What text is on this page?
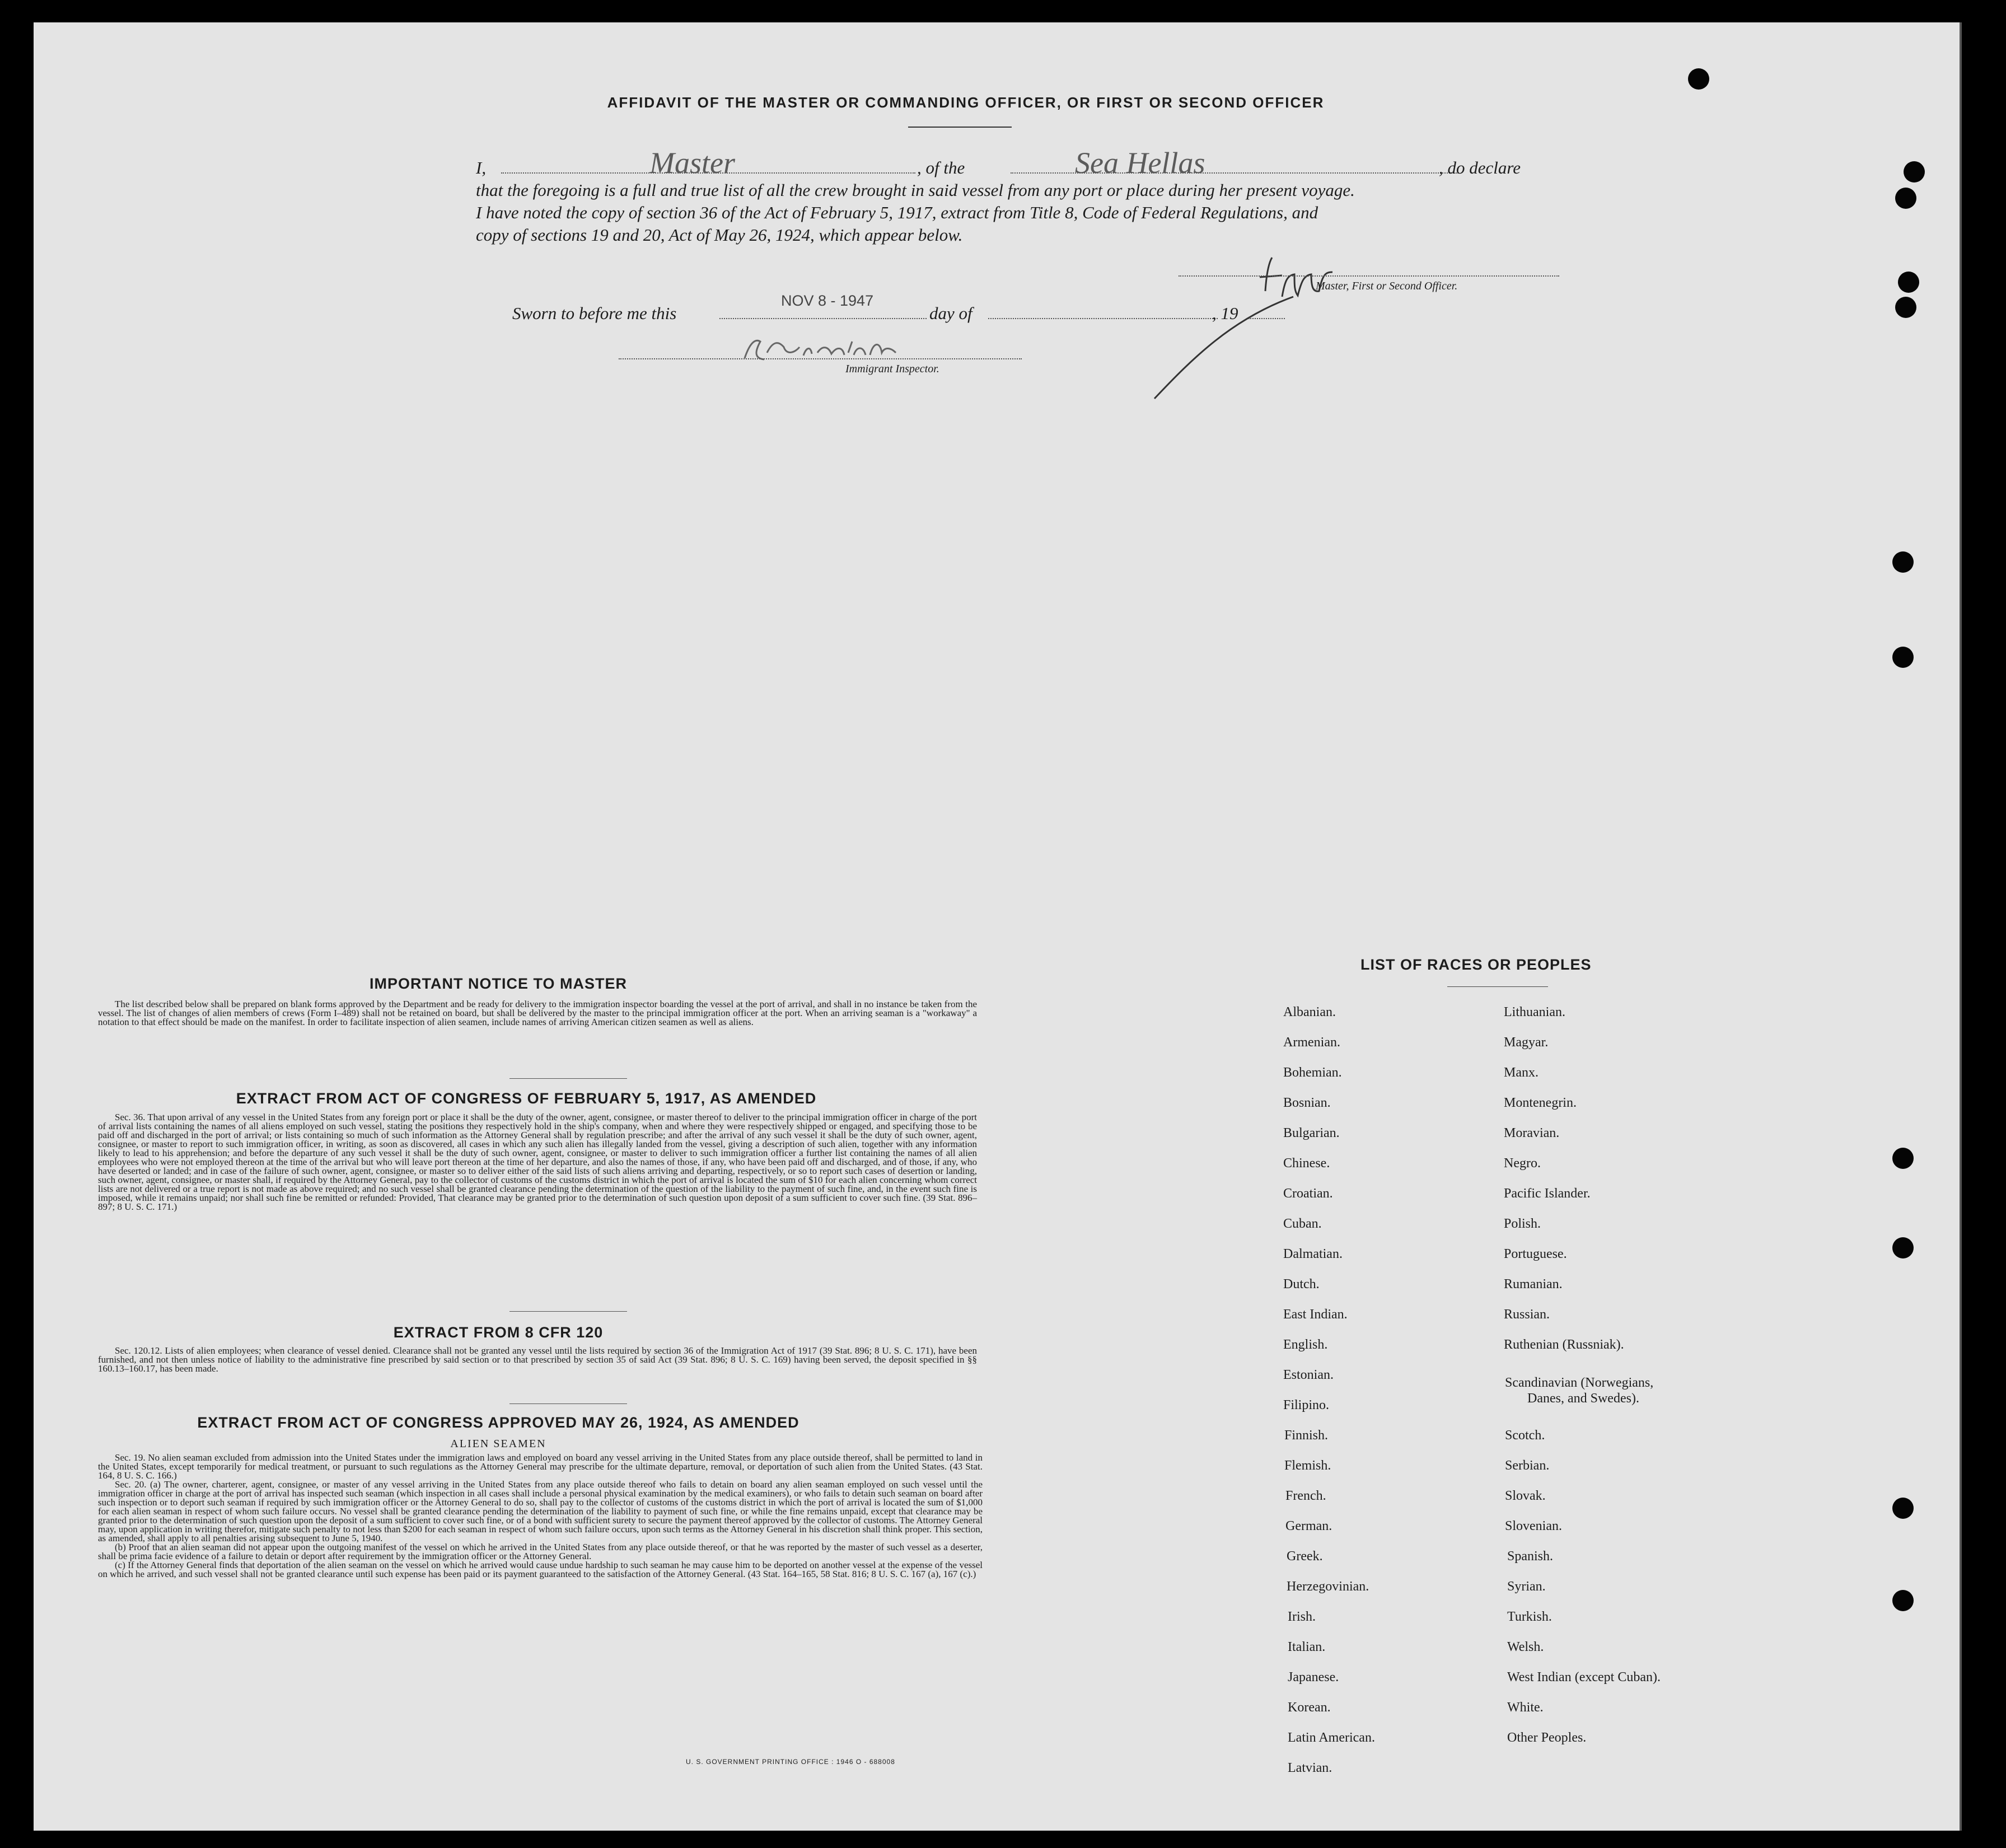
AFFIDAVIT OF THE MASTER OR COMMANDING OFFICER, OR FIRST OR SECOND OFFICER
I,	Master	, of the	Sea Hellas	, do declare
that the foregoing is a full and true list of all the crew brought in said vessel from any port or place during her present voyage.
I have noted the copy of section 36 of the Act of February 5, 1917, extract from Title 8, Code of Federal Regulations, and
copy of sections 19 and 20, Act of May 26, 1924, which appear below.
Master, First or Second Officer.
Sworn to before me this
NOV 8 - 1947
day of	, 19
Immigrant Inspector.
IMPORTANT NOTICE TO MASTER

The list described below shall be prepared on blank forms approved by the Department and be ready for delivery to the immigration inspector boarding the vessel at the port of arrival, and shall in no instance be taken from the vessel. The list of changes of alien members of crews (Form I–489) shall not be retained on board, but shall be delivered by the master to the principal immigration officer at the port. When an arriving seaman is a "workaway" a notation to that effect should be made on the manifest. In order to facilitate inspection of alien seamen, include names of arriving American citizen seamen as well as aliens.

EXTRACT FROM ACT OF CONGRESS OF FEBRUARY 5, 1917, AS AMENDED

Sec. 36. That upon arrival of any vessel in the United States from any foreign port or place it shall be the duty of the owner, agent, consignee, or master thereof to deliver to the principal immigration officer in charge of the port of arrival lists containing the names of all aliens employed on such vessel, stating the positions they respectively hold in the ship's company, when and where they were respectively shipped or engaged, and specifying those to be paid off and discharged in the port of arrival; or lists containing so much of such information as the Attorney General shall by regulation prescribe; and after the arrival of any such vessel it shall be the duty of such owner, agent, consignee, or master to report to such immigration officer, in writing, as soon as discovered, all cases in which any such alien has illegally landed from the vessel, giving a description of such alien, together with any information likely to lead to his apprehension; and before the departure of any such vessel it shall be the duty of such owner, agent, consignee, or master to deliver to such immigration officer a further list containing the names of all alien employees who were not employed thereon at the time of the arrival but who will leave port thereon at the time of her departure, and also the names of those, if any, who have been paid off and discharged, and of those, if any, who have deserted or landed; and in case of the failure of such owner, agent, consignee, or master so to deliver either of the said lists of such aliens arriving and departing, respectively, or so to report such cases of desertion or landing, such owner, agent, consignee, or master shall, if required by the Attorney General, pay to the collector of customs of the customs district in which the port of arrival is located the sum of $10 for each alien concerning whom correct lists are not delivered or a true report is not made as above required; and no such vessel shall be granted clearance pending the determination of the question of the liability to the payment of such fine, and, in the event such fine is imposed, while it remains unpaid; nor shall such fine be remitted or refunded: Provided, That clearance may be granted prior to the determination of such question upon deposit of a sum sufficient to cover such fine. (39 Stat. 896–897; 8 U. S. C. 171.)

EXTRACT FROM 8 CFR 120

Sec. 120.12. Lists of alien employees; when clearance of vessel denied. Clearance shall not be granted any vessel until the lists required by section 36 of the Immigration Act of 1917 (39 Stat. 896; 8 U. S. C. 171), have been furnished, and not then unless notice of liability to the administrative fine prescribed by said section or to that prescribed by section 35 of said Act (39 Stat. 896; 8 U. S. C. 169) having been served, the deposit specified in §§ 160.13–160.17, has been made.

EXTRACT FROM ACT OF CONGRESS APPROVED MAY 26, 1924, AS AMENDED
ALIEN SEAMEN

Sec. 19. No alien seaman excluded from admission into the United States under the immigration laws and employed on board any vessel arriving in the United States from any place outside thereof, shall be permitted to land in the United States, except temporarily for medical treatment, or pursuant to such regulations as the Attorney General may prescribe for the ultimate departure, removal, or deportation of such alien from the United States. (43 Stat. 164, 8 U. S. C. 166.)

Sec. 20. (a) The owner, charterer, agent, consignee, or master of any vessel arriving in the United States from any place outside thereof who fails to detain on board any alien seaman employed on such vessel until the immigration officer in charge at the port of arrival has inspected such seaman (which inspection in all cases shall include a personal physical examination by the medical examiners), or who fails to detain such seaman on board after such inspection or to deport such seaman if required by such immigration officer or the Attorney General to do so, shall pay to the collector of customs of the customs district in which the port of arrival is located the sum of $1,000 for each alien seaman in respect of whom such failure occurs. No vessel shall be granted clearance pending the determination of the liability to payment of such fine, or while the fine remains unpaid, except that clearance may be granted prior to the determination of such question upon the deposit of a sum sufficient to cover such fine, or of a bond with sufficient surety to secure the payment thereof approved by the collector of customs. The Attorney General may, upon application in writing therefor, mitigate such penalty to not less than $200 for each seaman in respect of whom such failure occurs, upon such terms as the Attorney General in his discretion shall think proper. This section, as amended, shall apply to all penalties arising subsequent to June 5, 1940.

(b) Proof that an alien seaman did not appear upon the outgoing manifest of the vessel on which he arrived in the United States from any place outside thereof, or that he was reported by the master of such vessel as a deserter, shall be prima facie evidence of a failure to detain or deport after requirement by the immigration officer or the Attorney General.

(c) If the Attorney General finds that deportation of the alien seaman on the vessel on which he arrived would cause undue hardship to such seaman he may cause him to be deported on another vessel at the expense of the vessel on which he arrived, and such vessel shall not be granted clearance until such expense has been paid or its payment guaranteed to the satisfaction of the Attorney General. (43 Stat. 164–165, 58 Stat. 816; 8 U. S. C. 167 (a), 167 (c).)

U. S. GOVERNMENT PRINTING OFFICE : 1946 O - 688008
LIST OF RACES OR PEOPLES
Albanian.
Armenian.
Bohemian.
Bosnian.
Bulgarian.
Chinese.
Croatian.
Cuban.
Dalmatian.
Dutch.
East Indian.
English.
Estonian.
Filipino.
Finnish.
Flemish.
French.
German.
Greek.
Herzegovinian.
Irish.
Italian.
Japanese.
Korean.
Latin American.
Latvian.
Lithuanian.
Magyar.
Manx.
Montenegrin.
Moravian.
Negro.
Pacific Islander.
Polish.
Portuguese.
Rumanian.
Russian.
Ruthenian (Russniak).
Scandinavian (Norwegians,
Danes, and Swedes).
Scotch.
Serbian.
Slovak.
Slovenian.
Spanish.
Syrian.
Turkish.
Welsh.
West Indian (except Cuban).
White.
Other Peoples.
